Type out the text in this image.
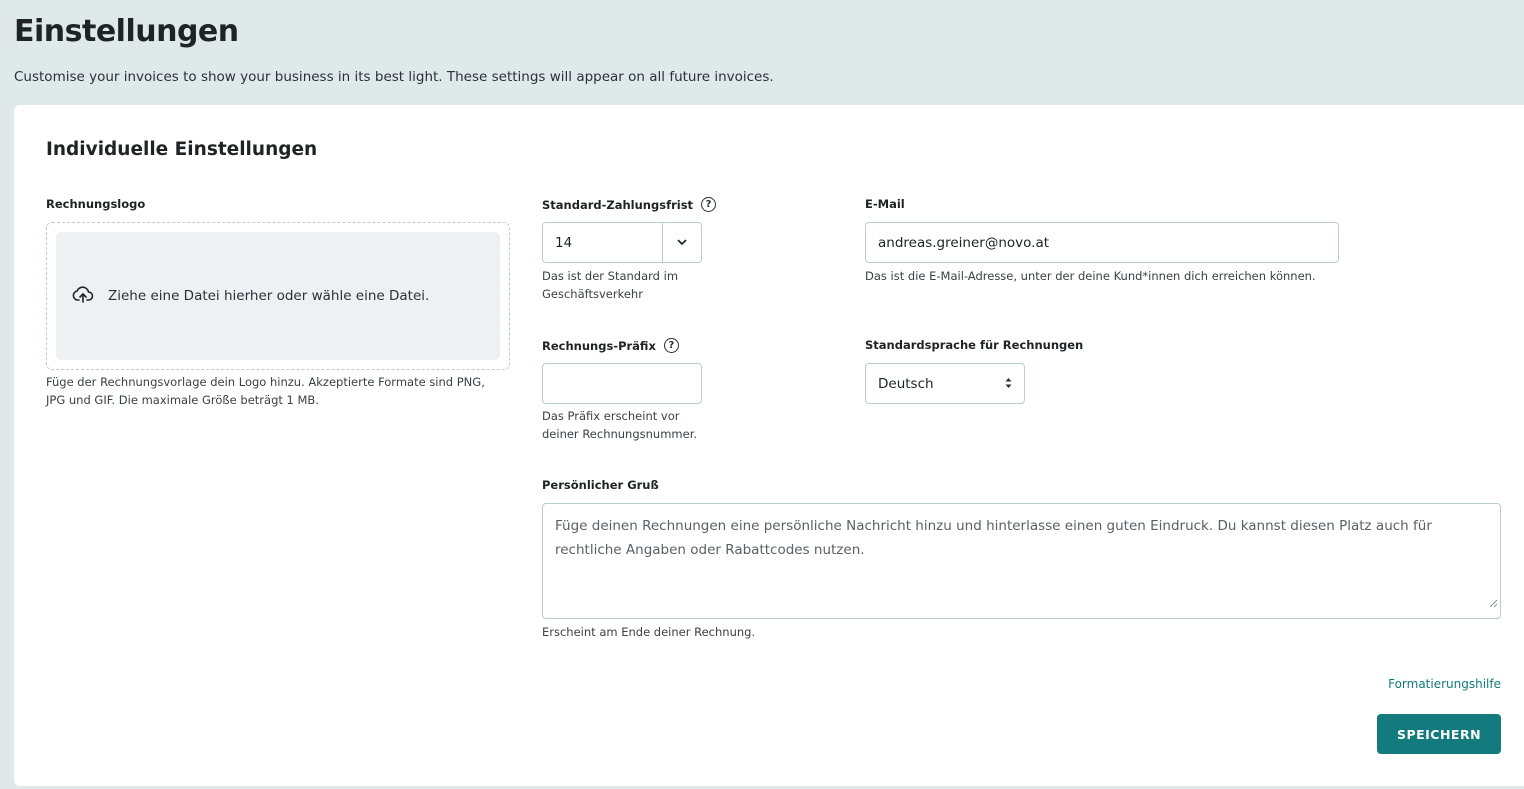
Einstellungen
Customise your invoices to show your business in its best light. These settings will appear on all future invoices.
Individuelle Einstellungen
Rechnungslogo
Ziehe eine Datei hierher oder wähle eine Datei.
Füge der Rechnungsvorlage dein Logo hinzu. Akzeptierte Formate sind PNG, JPG und GIF. Die maximale Größe beträgt 1 MB.
Standard-Zahlungsfrist	?
14
Das ist der Standard im Geschäftsverkehr
E-Mail
andreas.greiner@novo.at
Das ist die E-Mail-Adresse, unter der deine Kund*innen dich erreichen können.
Rechnungs-Präfix	?
Das Präfix erscheint vor deiner Rechnungsnummer.
Standardsprache für Rechnungen
Deutsch
Persönlicher Gruß
Füge deinen Rechnungen eine persönliche Nachricht hinzu und hinterlasse einen guten Eindruck. Du kannst diesen Platz auch für rechtliche Angaben oder Rabattcodes nutzen.
Erscheint am Ende deiner Rechnung.
Formatierungshilfe
SPEICHERN
